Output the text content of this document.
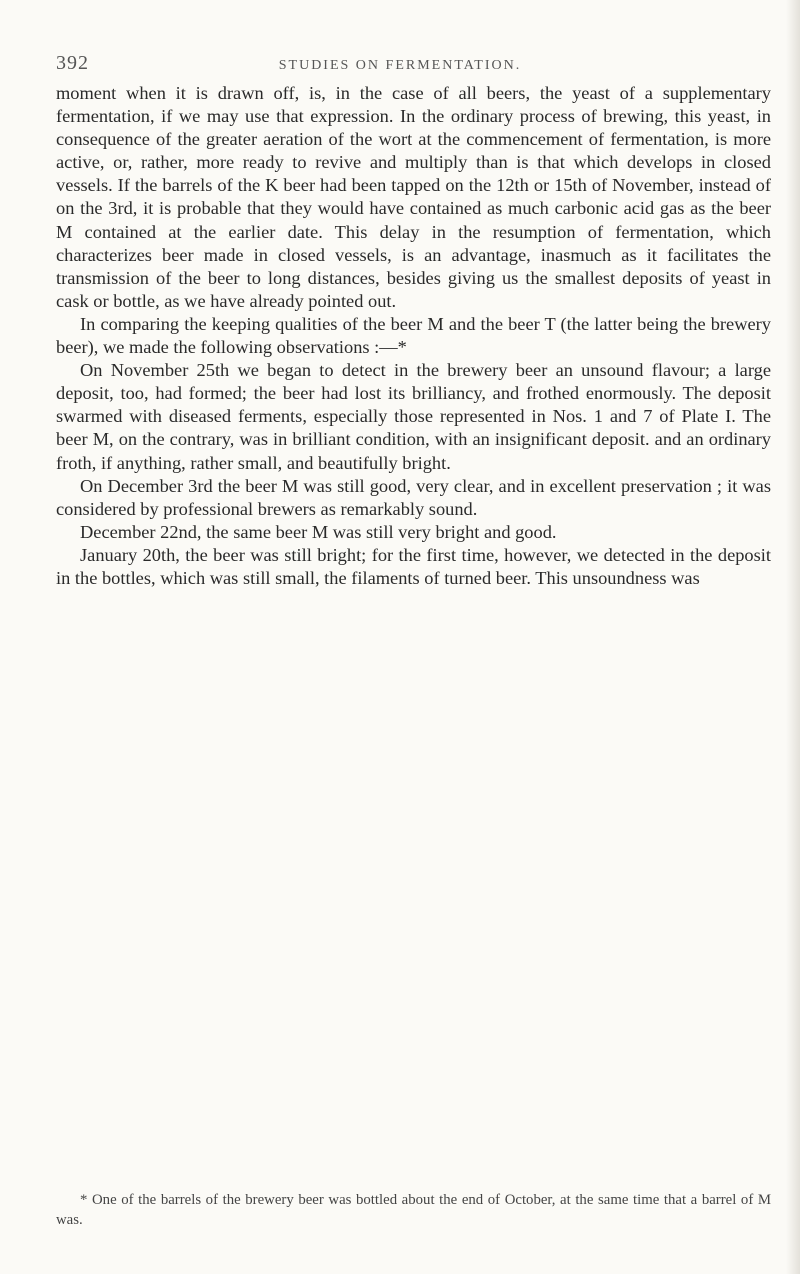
392	STUDIES ON FERMENTATION.

moment when it is drawn off, is, in the case of all beers, the yeast of a supplementary fermentation, if we may use that expression. In the ordinary process of brewing, this yeast, in consequence of the greater aeration of the wort at the commencement of fermentation, is more active, or, rather, more ready to revive and multiply than is that which develops in closed vessels. If the barrels of the K beer had been tapped on the 12th or 15th of November, instead of on the 3rd, it is probable that they would have contained as much carbonic acid gas as the beer M contained at the earlier date. This delay in the resumption of fermentation, which characterizes beer made in closed vessels, is an advantage, inasmuch as it facilitates the transmission of the beer to long distances, besides giving us the smallest deposits of yeast in cask or bottle, as we have already pointed out.

In comparing the keeping qualities of the beer M and the beer T (the latter being the brewery beer), we made the following observations :—*

On November 25th we began to detect in the brewery beer an unsound flavour; a large deposit, too, had formed; the beer had lost its brilliancy, and frothed enormously. The deposit swarmed with diseased ferments, especially those represented in Nos. 1 and 7 of Plate I. The beer M, on the contrary, was in brilliant condition, with an insignificant deposit. and an ordinary froth, if anything, rather small, and beautifully bright.

On December 3rd the beer M was still good, very clear, and in excellent preservation ; it was considered by professional brewers as remarkably sound.

December 22nd, the same beer M was still very bright and good.

January 20th, the beer was still bright; for the first time, however, we detected in the deposit in the bottles, which was still small, the filaments of turned beer. This unsoundness was

* One of the barrels of the brewery beer was bottled about the end of October, at the same time that a barrel of M was.
